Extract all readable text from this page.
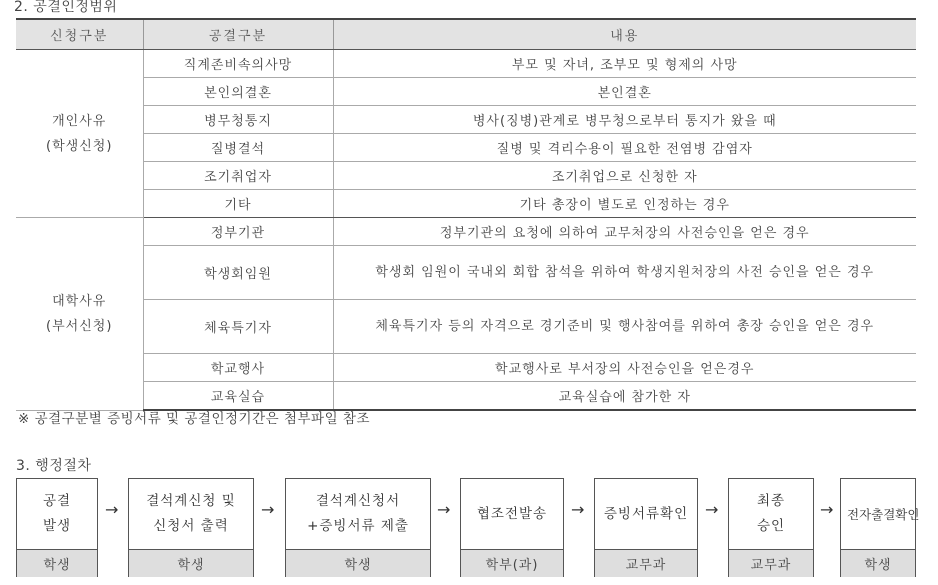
2. 공결인정범위
신청구분	공결구분	내용
개인사유
(학생신청)	직계존비속의사망	부모 및 자녀, 조부모 및 형제의 사망
	본인의결혼	본인결혼
	병무청통지	병사(징병)관계로 병무청으로부터 통지가 왔을 때
	질병결석	질병 및 격리수용이 필요한 전염병 감염자
	조기취업자	조기취업으로 신청한 자
	기타	기타 총장이 별도로 인정하는 경우
대학사유
(부서신청)	정부기관	정부기관의 요청에 의하여 교무처장의 사전승인을 얻은 경우
	학생회임원	학생회 임원이 국내외 회합 참석을 위하여 학생지원처장의 사전 승인을 얻은 경우
	체육특기자	체육특기자 등의 자격으로 경기준비 및 행사참여를 위하여 총장 승인을 얻은 경우
	학교행사	학교행사로 부서장의 사전승인을 얻은경우
	교육실습	교육실습에 참가한 자
※ 공결구분별 증빙서류 및 공결인정기간은 첨부파일 참조
3. 행정절차
공결
발생
학생
→	결석계신청 및
신청서 출력
학생
→	결석계신청서
+증빙서류 제출
학생
→	협조전발송
학부(과)
→	증빙서류확인
교무과
→	최종
승인
교무과
→	전자출결확인
학생
